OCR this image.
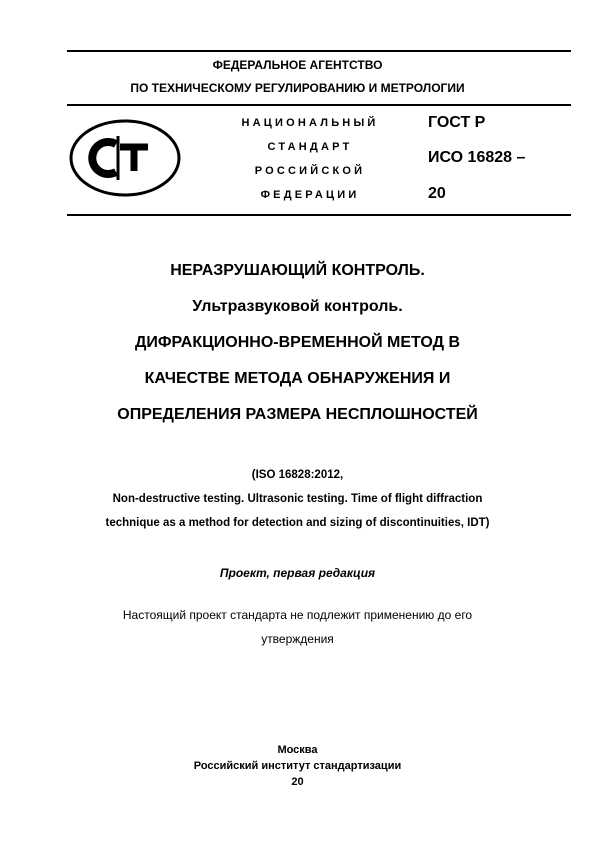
ФЕДЕРАЛЬНОЕ АГЕНТСТВО
ПО ТЕХНИЧЕСКОМУ РЕГУЛИРОВАНИЮ И МЕТРОЛОГИИ
НАЦИОНАЛЬНЫЙ
СТАНДАРТ
РОССИЙСКОЙ
ФЕДЕРАЦИИ
ГОСТ Р
ИСО 16828 –
20
НЕРАЗРУШАЮЩИЙ КОНТРОЛЬ.
Ультразвуковой контроль.
ДИФРАКЦИОННО-ВРЕМЕННОЙ МЕТОД В
КАЧЕСТВЕ МЕТОДА ОБНАРУЖЕНИЯ И
ОПРЕДЕЛЕНИЯ РАЗМЕРА НЕСПЛОШНОСТЕЙ
(ISO 16828:2012,
Non-destructive testing. Ultrasonic testing. Time of flight diffraction
technique as a method for detection and sizing of discontinuities, IDT)
Проект, первая редакция
Настоящий проект стандарта не подлежит применению до его
утверждения
Москва
Российский институт стандартизации
20
